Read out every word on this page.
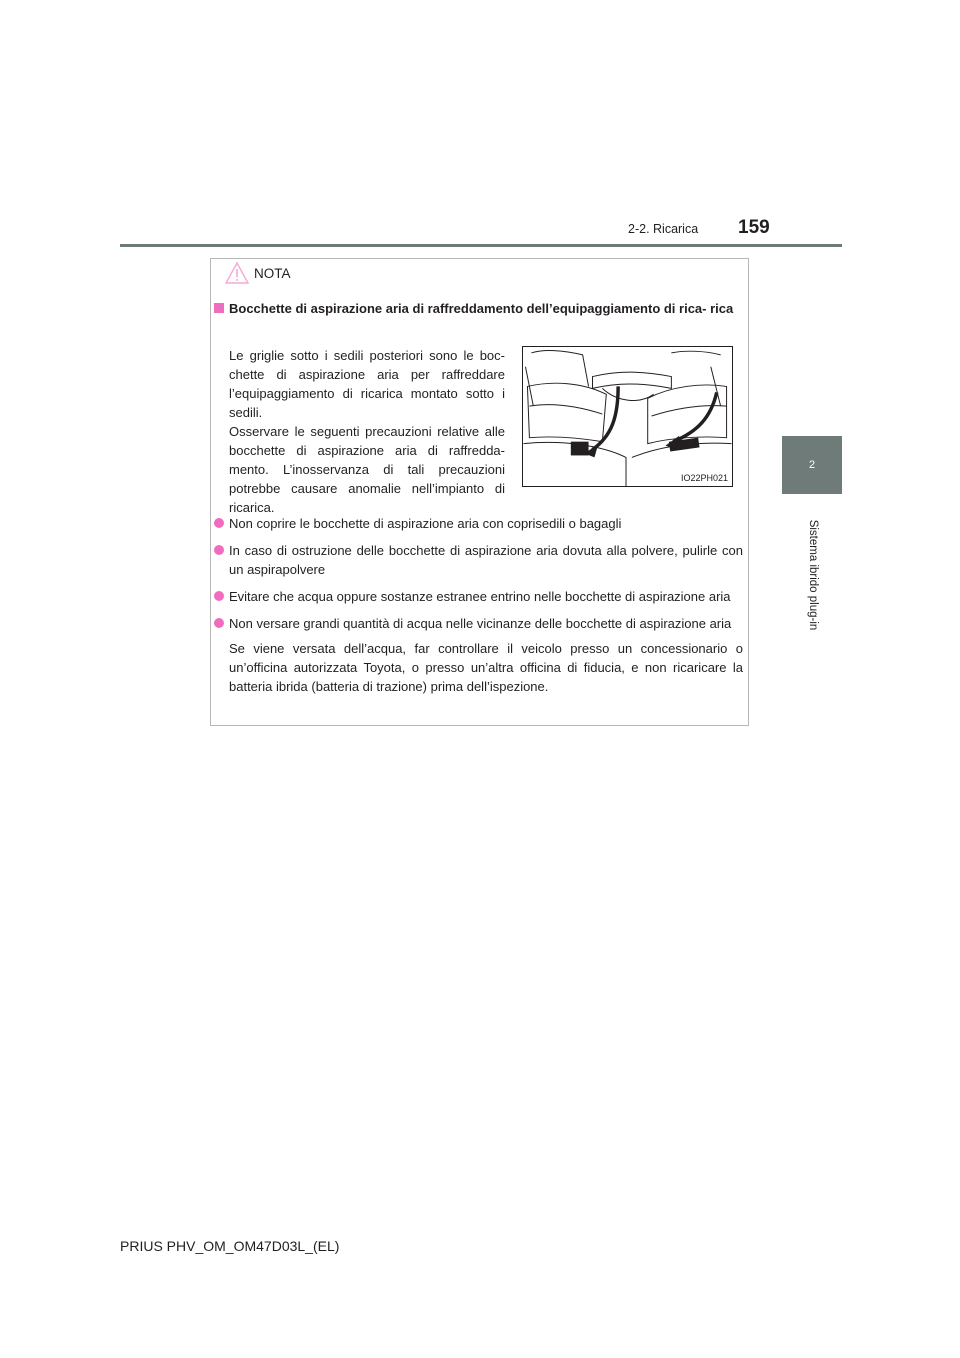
2-2. Ricarica 159
2
Sistema ibrido plug-in
NOTA
Bocchette di aspirazione aria di raffreddamento dell’equipaggiamento di rica- rica
Le griglie sotto i sedili posteriori sono le boc- chette di aspirazione aria per raffreddare l’equipaggiamento di ricarica montato sotto i sedili.
Osservare le seguenti precauzioni relative alle bocchette di aspirazione aria di raffredda- mento. L’inosservanza di tali precauzioni potrebbe causare anomalie nell’impianto di ricarica.
IO22PH021
Non coprire le bocchette di aspirazione aria con coprisedili o bagagli
In caso di ostruzione delle bocchette di aspirazione aria dovuta alla polvere, pulirle con un aspirapolvere
Evitare che acqua oppure sostanze estranee entrino nelle bocchette di aspirazione aria
Non versare grandi quantità di acqua nelle vicinanze delle bocchette di aspirazione aria
Se viene versata dell’acqua, far controllare il veicolo presso un concessionario o un’officina autorizzata Toyota, o presso un’altra officina di fiducia, e non ricaricare la batteria ibrida (batteria di trazione) prima dell’ispezione.
PRIUS PHV_OM_OM47D03L_(EL)
